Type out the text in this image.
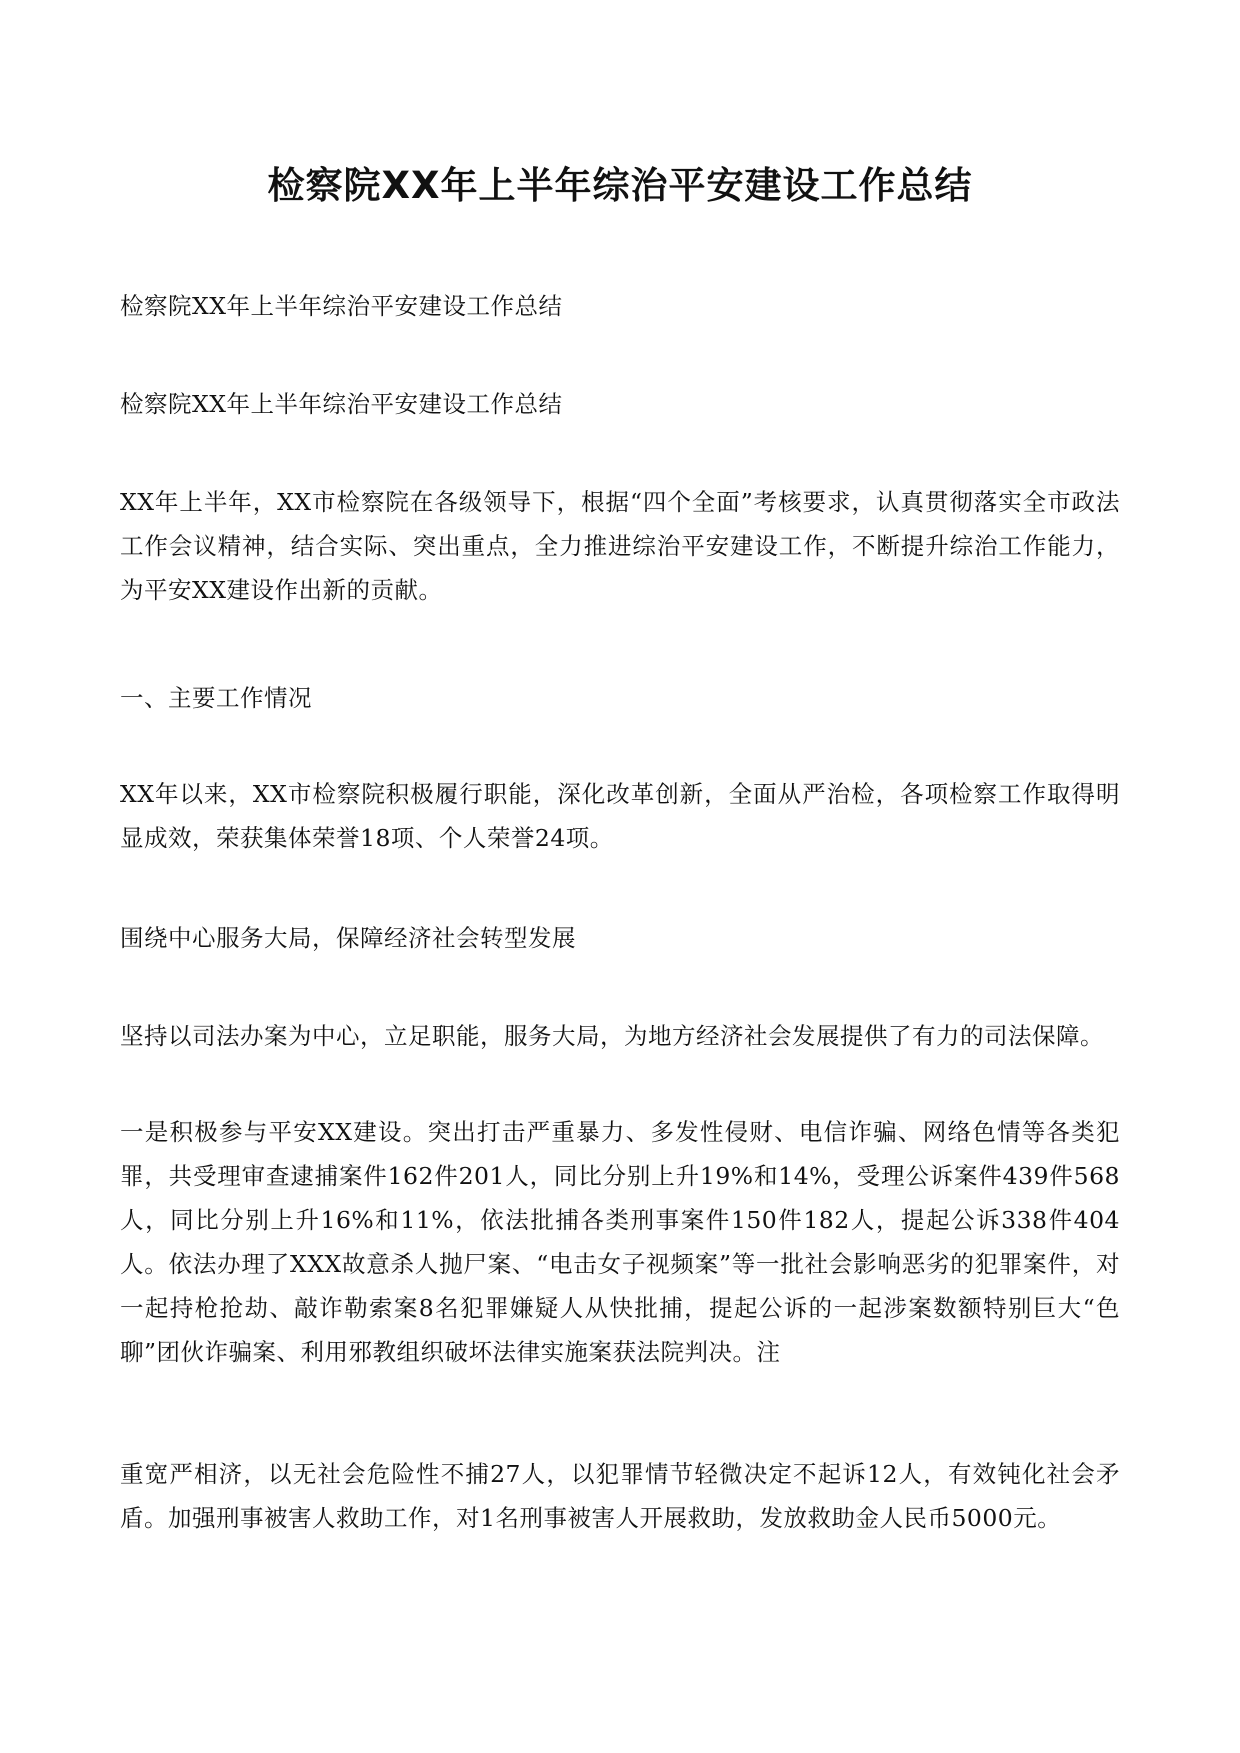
检察院XX年上半年综治平安建设工作总结

检察院XX年上半年综治平安建设工作总结

检察院XX年上半年综治平安建设工作总结

XX年上半年，XX市检察院在各级领导下，根据“四个全面”考核要求，认真贯彻落实全市政法工作会议精神，结合实际、突出重点，全力推进综治平安建设工作，不断提升综治工作能力，为平安XX建设作出新的贡献。

一、主要工作情况

XX年以来，XX市检察院积极履行职能，深化改革创新，全面从严治检，各项检察工作取得明显成效，荣获集体荣誉18项、个人荣誉24项。

围绕中心服务大局，保障经济社会转型发展

坚持以司法办案为中心，立足职能，服务大局，为地方经济社会发展提供了有力的司法保障。

一是积极参与平安XX建设。突出打击严重暴力、多发性侵财、电信诈骗、网络色情等各类犯罪，共受理审查逮捕案件162件201人，同比分别上升19%和14%，受理公诉案件439件568人，同比分别上升16%和11%，依法批捕各类刑事案件150件182人，提起公诉338件404人。依法办理了XXX故意杀人抛尸案、“电击女子视频案”等一批社会影响恶劣的犯罪案件，对一起持枪抢劫、敲诈勒索案8名犯罪嫌疑人从快批捕，提起公诉的一起涉案数额特别巨大“色聊”团伙诈骗案、利用邪教组织破坏法律实施案获法院判决。注

重宽严相济，以无社会危险性不捕27人，以犯罪情节轻微决定不起诉12人，有效钝化社会矛盾。加强刑事被害人救助工作，对1名刑事被害人开展救助，发放救助金人民币5000元。
